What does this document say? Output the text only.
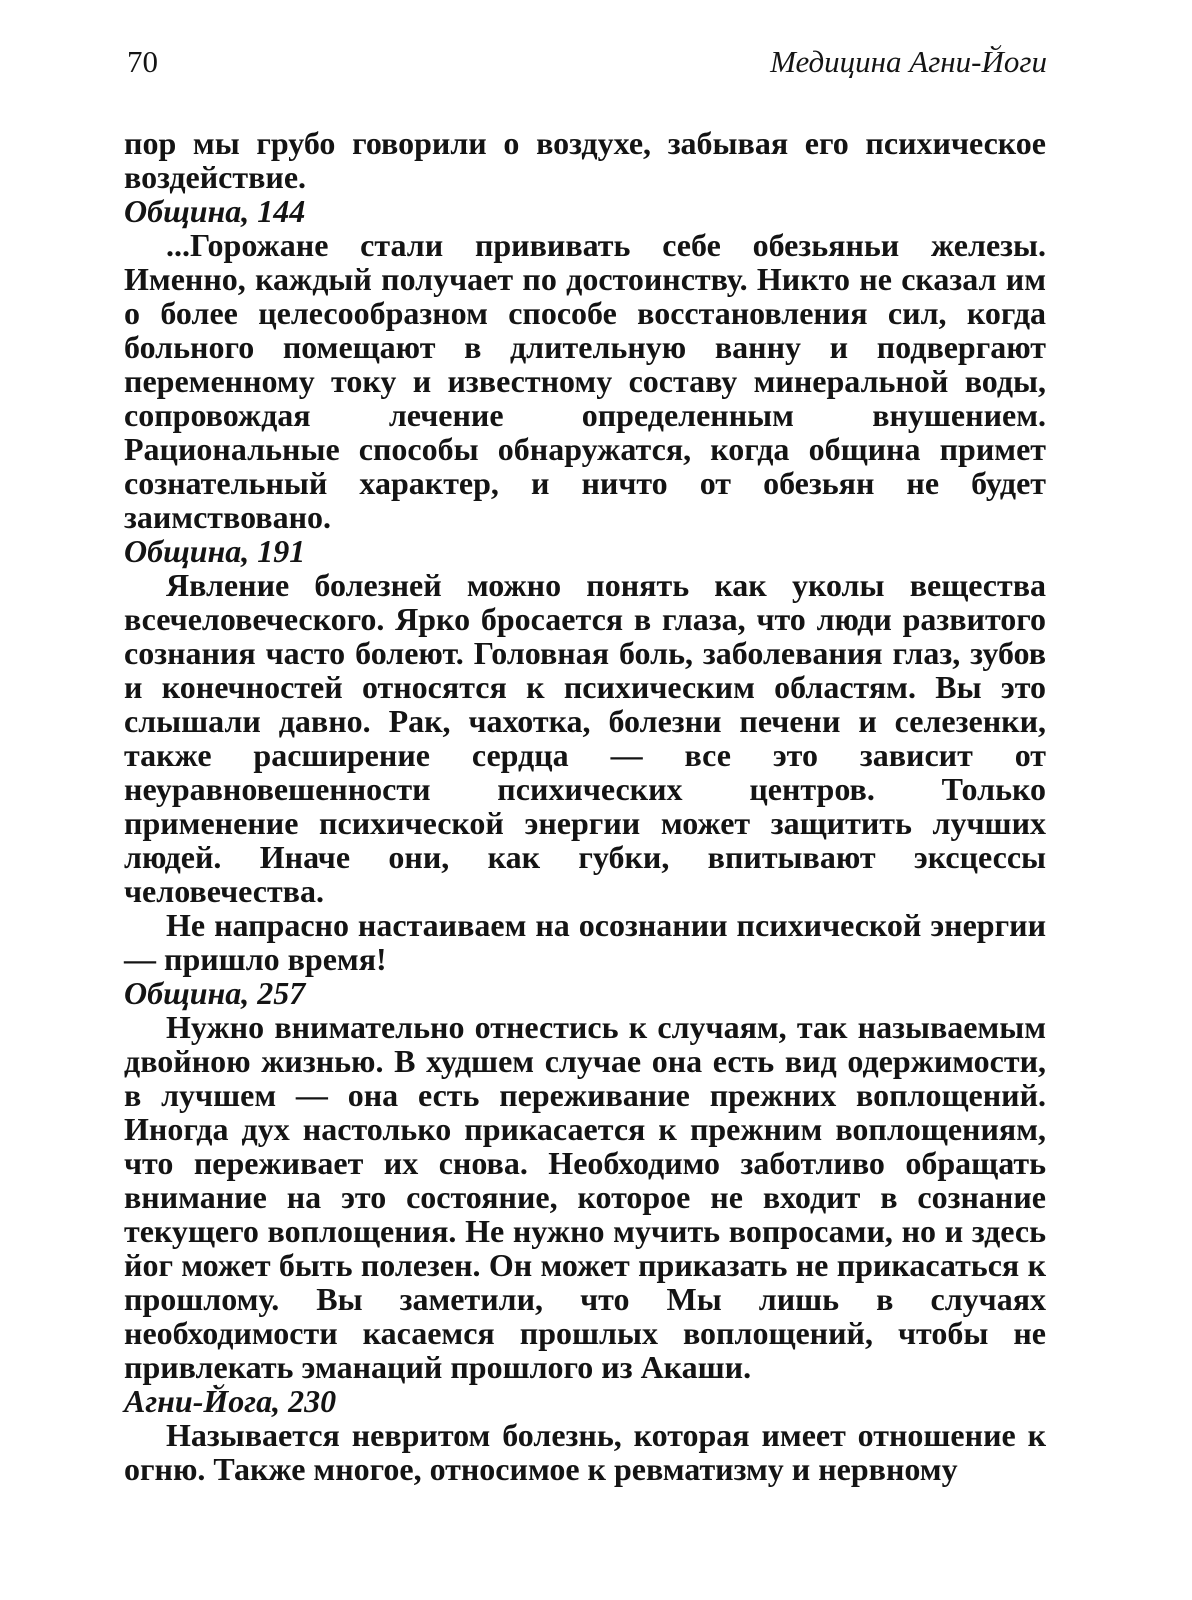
70	Медицина Агни-Йоги

пор мы грубо говорили о воздухе, забывая его психическое воздействие.

Община, 144

...Горожане стали прививать себе обезьяньи железы. Именно, каждый получает по достоинству. Никто не сказал им о более целесообразном способе восстановления сил, когда больного помещают в длительную ванну и подвергают переменному току и известному составу минеральной воды, сопровождая лечение определенным внушением. Рациональные способы обнаружатся, когда община примет сознательный характер, и ничто от обезьян не будет заимствовано.

Община, 191

Явление болезней можно понять как уколы вещества всечеловеческого. Ярко бросается в глаза, что люди развитого сознания часто болеют. Головная боль, заболевания глаз, зубов и конечностей относятся к психическим областям. Вы это слышали давно. Рак, чахотка, болезни печени и селезенки, также расширение сердца — все это зависит от неуравновешенности психических центров. Только применение психической энергии может защитить лучших людей. Иначе они, как губки, впитывают эксцессы человечества.

Не напрасно настаиваем на осознании психической энергии — пришло время!

Община, 257

Нужно внимательно отнестись к случаям, так называемым двойною жизнью. В худшем случае она есть вид одержимости, в лучшем — она есть переживание прежних воплощений. Иногда дух настолько прикасается к прежним воплощениям, что переживает их снова. Необходимо заботливо обращать внимание на это состояние, которое не входит в сознание текущего воплощения. Не нужно мучить вопросами, но и здесь йог может быть полезен. Он может приказать не прикасаться к прошлому. Вы заметили, что Мы лишь в случаях необходимости касаемся прошлых воплощений, чтобы не привлекать эманаций прошлого из Акаши.

Агни-Йога, 230

Называется невритом болезнь, которая имеет отношение к огню. Также многое, относимое к ревматизму и нервному
